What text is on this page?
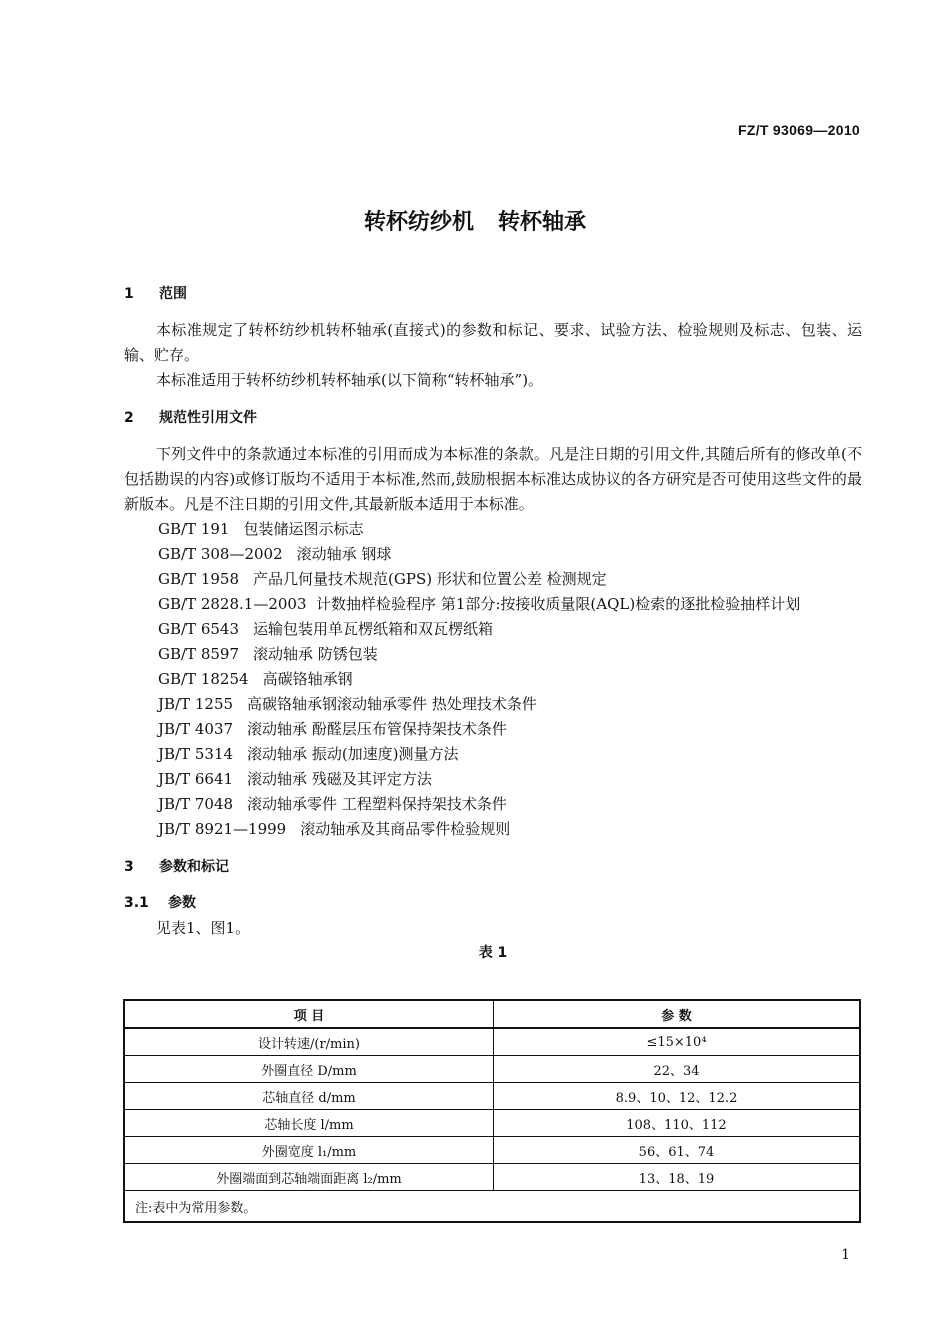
FZ/T 93069—2010
转杯纺纱机 转杯轴承
1	范围
本标准规定了转杯纺纱机转杯轴承(直接式)的参数和标记、要求、试验方法、检验规则及标志、包装、运输、贮存。
本标准适用于转杯纺纱机转杯轴承(以下简称“转杯轴承”)。
2	规范性引用文件
下列文件中的条款通过本标准的引用而成为本标准的条款。凡是注日期的引用文件,其随后所有的修改单(不包括勘误的内容)或修订版均不适用于本标准,然而,鼓励根据本标准达成协议的各方研究是否可使用这些文件的最新版本。凡是不注日期的引用文件,其最新版本适用于本标准。
GB/T 191 包装储运图示标志
GB/T 308—2002 滚动轴承 钢球
GB/T 1958 产品几何量技术规范(GPS) 形状和位置公差 检测规定
GB/T 2828.1—2003 计数抽样检验程序 第1部分:按接收质量限(AQL)检索的逐批检验抽样计划
GB/T 6543 运输包装用单瓦楞纸箱和双瓦楞纸箱
GB/T 8597 滚动轴承 防锈包装
GB/T 18254 高碳铬轴承钢
JB/T 1255 高碳铬轴承钢滚动轴承零件 热处理技术条件
JB/T 4037 滚动轴承 酚醛层压布管保持架技术条件
JB/T 5314 滚动轴承 振动(加速度)测量方法
JB/T 6641 滚动轴承 残磁及其评定方法
JB/T 7048 滚动轴承零件 工程塑料保持架技术条件
JB/T 8921—1999 滚动轴承及其商品零件检验规则
3	参数和标记
3.1	参数
见表1、图1。
表 1
项 目	参 数
设计转速/(r/min)	≤15×10⁴
外圈直径 D/mm	22、34
芯轴直径 d/mm	8.9、10、12、12.2
芯轴长度 l/mm	108、110、112
外圈宽度 l₁/mm	56、61、74
外圈端面到芯轴端面距离 l₂/mm	13、18、19
注:表中为常用参数。	
1
